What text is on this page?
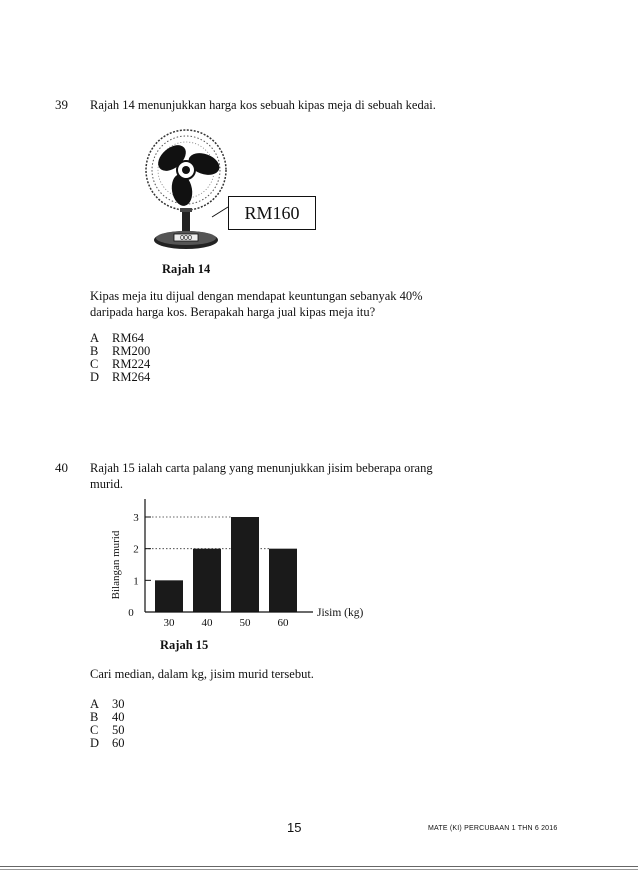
39 Rajah 14 menunjukkan harga kos sebuah kipas meja di sebuah kedai.
000
RM160
Rajah 14
Kipas meja itu dijual dengan mendapat keuntungan sebanyak 40% daripada harga kos. Berapakah harga jual kipas meja itu?
A RM64
B RM200
C RM224
D RM264
40 Rajah 15 ialah carta palang yang menunjukkan jisim beberapa orang murid.
0
1
2
3
30 40 50 60
Bilangan murid
Jisim (kg)
Rajah 15
Cari median, dalam kg, jisim murid tersebut.
A 30
B 40
C 50
D 60
15	MATE (KI) PERCUBAAN 1 THN 6 2016
